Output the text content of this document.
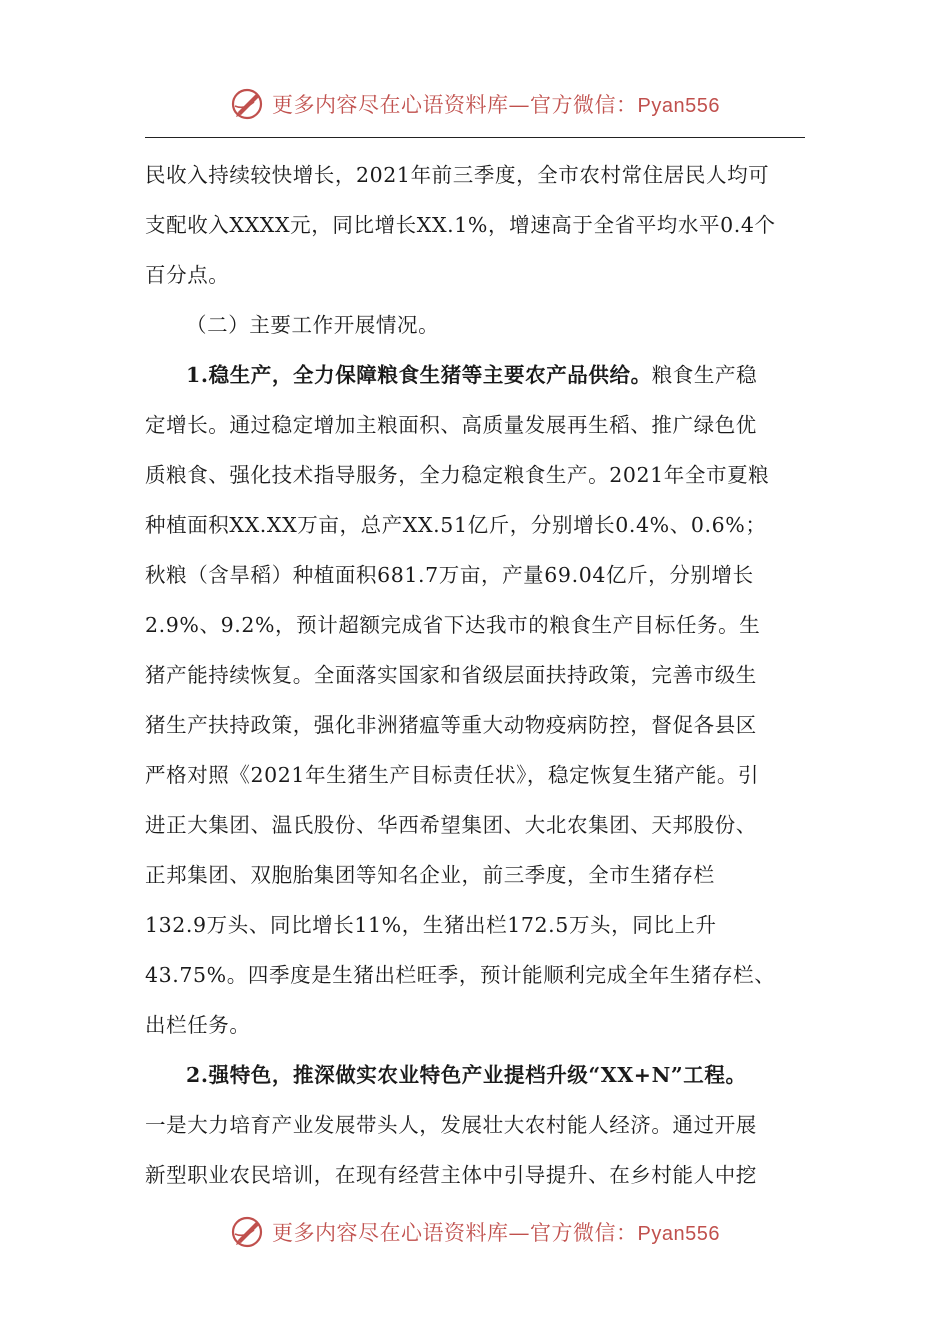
更多内容尽在心语资料库—官方微信：Pyan556
民收入持续较快增长，2021年前三季度，全市农村常住居民人均可
支配收入XXXX元，同比增长XX.1%，增速高于全省平均水平0.4个
百分点。
（二）主要工作开展情况。
1.稳生产，全力保障粮食生猪等主要农产品供给。粮食生产稳
定增长。通过稳定增加主粮面积、高质量发展再生稻、推广绿色优
质粮食、强化技术指导服务，全力稳定粮食生产。2021年全市夏粮
种植面积XX.XX万亩，总产XX.51亿斤，分别增长0.4%、0.6%；
秋粮（含旱稻）种植面积681.7万亩，产量69.04亿斤，分别增长
2.9%、9.2%，预计超额完成省下达我市的粮食生产目标任务。生
猪产能持续恢复。全面落实国家和省级层面扶持政策，完善市级生
猪生产扶持政策，强化非洲猪瘟等重大动物疫病防控，督促各县区
严格对照《2021年生猪生产目标责任状》，稳定恢复生猪产能。引
进正大集团、温氏股份、华西希望集团、大北农集团、天邦股份、
正邦集团、双胞胎集团等知名企业，前三季度，全市生猪存栏
132.9万头、同比增长11%，生猪出栏172.5万头，同比上升
43.75%。四季度是生猪出栏旺季，预计能顺利完成全年生猪存栏、
出栏任务。
2.强特色，推深做实农业特色产业提档升级“XX+N”工程。
一是大力培育产业发展带头人，发展壮大农村能人经济。通过开展
新型职业农民培训，在现有经营主体中引导提升、在乡村能人中挖
更多内容尽在心语资料库—官方微信：Pyan556
